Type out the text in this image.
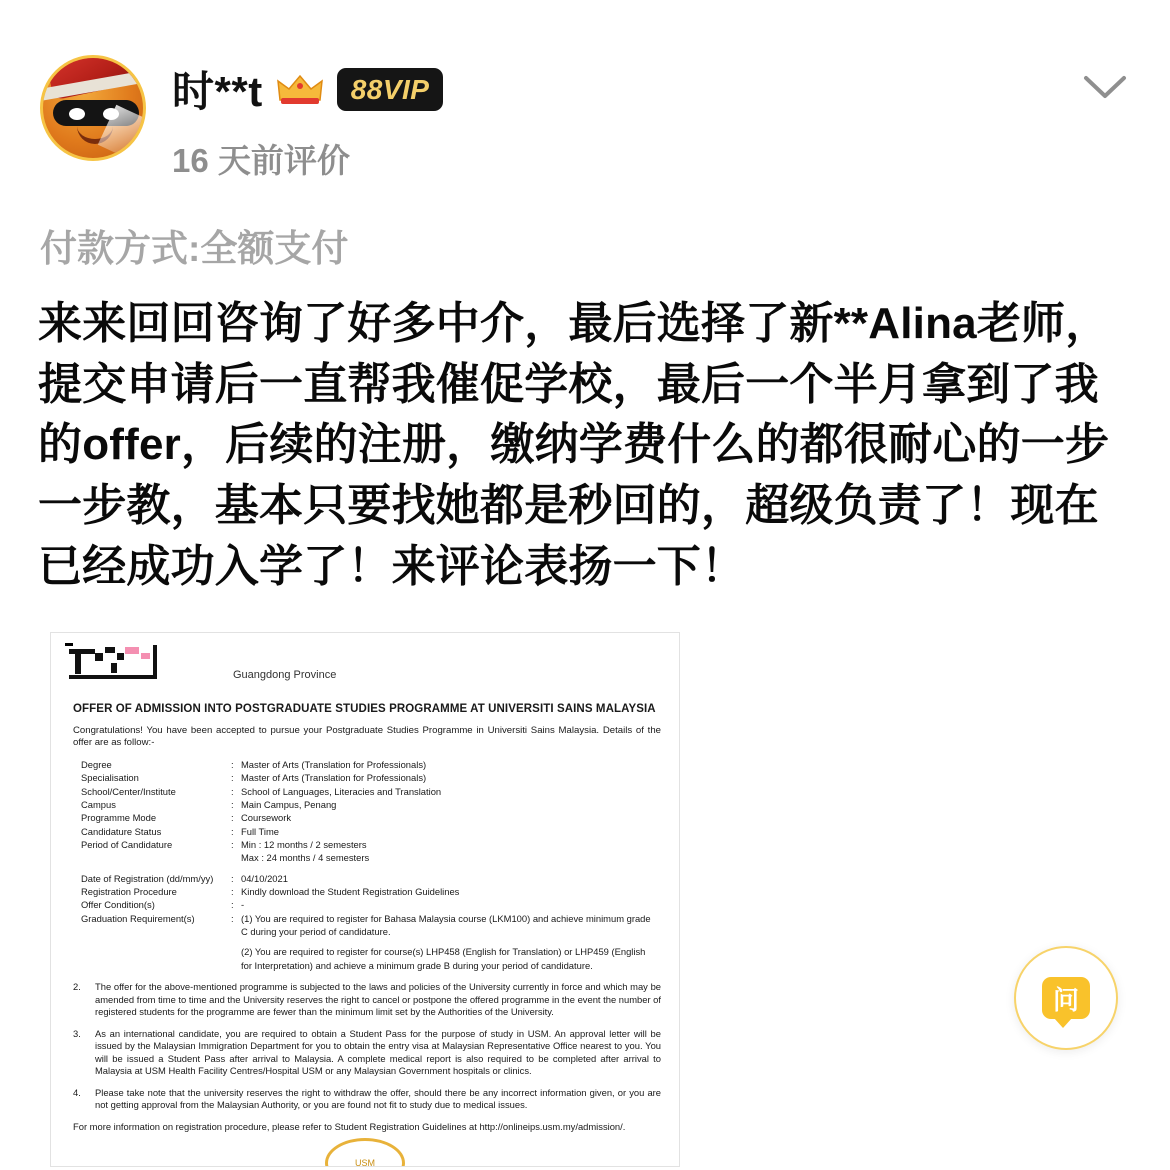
时**t	88VIP
16 天前评价
付款方式:全额支付
来来回回咨询了好多中介，最后选择了新**Alina老师，提交申请后一直帮我催促学校，最后一个半月拿到了我的offer，后续的注册，缴纳学费什么的都很耐心的一步一步教，基本只要找她都是秒回的，超级负责了！现在已经成功入学了！来评论表扬一下！
Guangdong Province
OFFER OF ADMISSION INTO POSTGRADUATE STUDIES PROGRAMME AT UNIVERSITI SAINS MALAYSIA
Congratulations! You have been accepted to pursue your Postgraduate Studies Programme in Universiti Sains Malaysia. Details of the offer are as follow:-
Degree	:	Master of Arts (Translation for Professionals)
Specialisation	:	Master of Arts (Translation for Professionals)
School/Center/Institute	:	School of Languages, Literacies and Translation
Campus	:	Main Campus, Penang
Programme Mode	:	Coursework
Candidature Status	:	Full Time
Period of Candidature	:	Min : 12 months / 2 semesters
		Max : 24 months / 4 semesters

Date of Registration (dd/mm/yy)	:	04/10/2021
Registration Procedure	:	Kindly download the Student Registration Guidelines
Offer Condition(s)	:	-
Graduation Requirement(s)	:	(1) You are required to register for Bahasa Malaysia course (LKM100) and achieve minimum grade C during your period of candidature.

		(2) You are required to register for course(s) LHP458 (English for Translation) or LHP459 (English for Interpretation) and achieve a minimum grade B during your period of candidature.
2.	The offer for the above-mentioned programme is subjected to the laws and policies of the University currently in force and which may be amended from time to time and the University reserves the right to cancel or postpone the offered programme in the event the number of registered students for the programme are fewer than the minimum limit set by the Authorities of the University.
3.	As an international candidate, you are required to obtain a Student Pass for the purpose of study in USM. An approval letter will be issued by the Malaysian Immigration Department for you to obtain the entry visa at Malaysian Representative Office nearest to you. You will be issued a Student Pass after arrival to Malaysia. A complete medical report is also required to be completed after arrival to Malaysia at USM Health Facility Centres/Hospital USM or any Malaysian Government hospitals or clinics.
4.	Please take note that the university reserves the right to withdraw the offer, should there be any incorrect information given, or you are not getting approval from the Malaysian Authority, or you are found not fit to study due to medical issues.
For more information on registration procedure, please refer to Student Registration Guidelines at http://onlineips.usm.my/admission/.
USM
问
